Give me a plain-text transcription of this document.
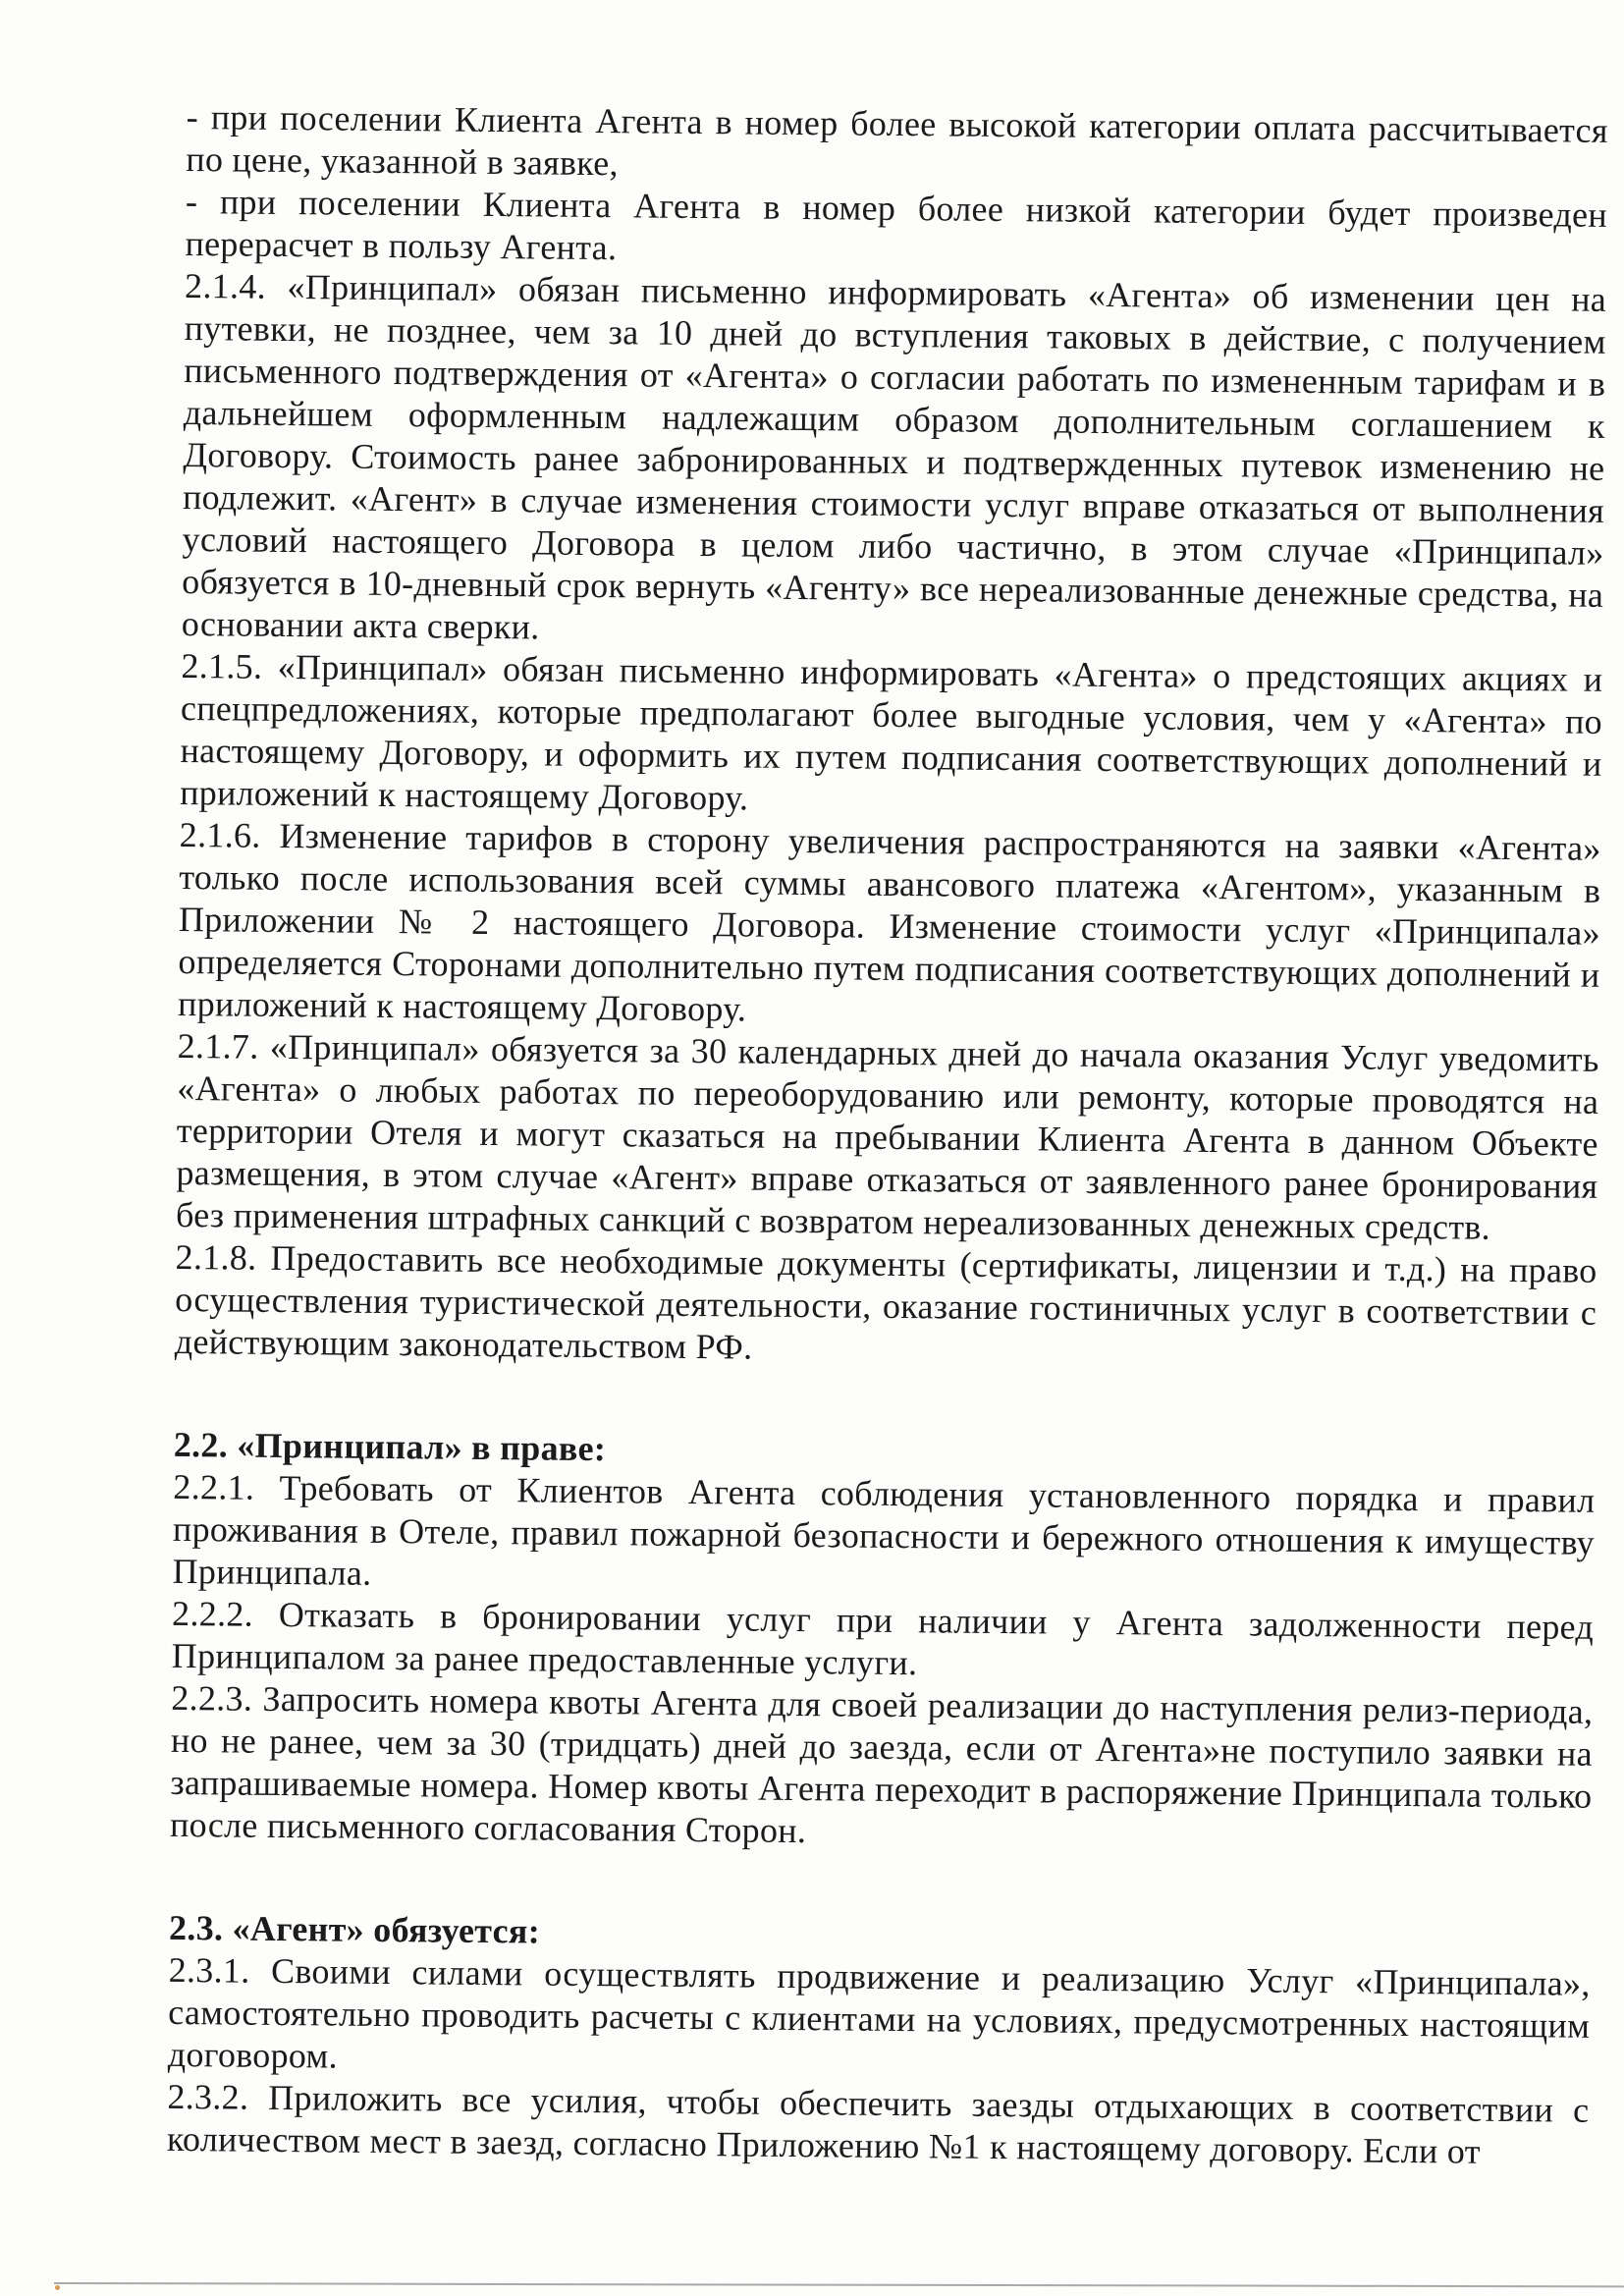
- при поселении Клиента Агента в номер более высокой категории оплата рассчитывается по цене, указанной в заявке,

- при поселении Клиента Агента в номер более низкой категории будет произведен перерасчет в пользу Агента.

2.1.4. «Принципал» обязан письменно информировать «Агента» об изменении цен на путевки, не позднее, чем за 10 дней до вступления таковых в действие, с получением письменного подтверждения от «Агента» о согласии работать по измененным тарифам и в дальнейшем оформленным надлежащим образом дополнительным соглашением к Договору. Стоимость ранее забронированных и подтвержденных путевок изменению не подлежит. «Агент» в случае изменения стоимости услуг вправе отказаться от выполнения условий настоящего Договора в целом либо частично, в этом случае «Принципал» обязуется в 10-дневный срок вернуть «Агенту» все нереализованные денежные средства, на основании акта сверки.

2.1.5. «Принципал» обязан письменно информировать «Агента» о предстоящих акциях и спецпредложениях, которые предполагают более выгодные условия, чем у «Агента» по настоящему Договору, и оформить их путем подписания соответствующих дополнений и приложений к настоящему Договору.

2.1.6. Изменение тарифов в сторону увеличения распространяются на заявки «Агента» только после использования всей суммы авансового платежа «Агентом», указанным в Приложении № 2 настоящего Договора. Изменение стоимости услуг «Принципала» определяется Сторонами дополнительно путем подписания соответствующих дополнений и приложений к настоящему Договору.

2.1.7. «Принципал» обязуется за 30 календарных дней до начала оказания Услуг уведомить «Агента» о любых работах по переоборудованию или ремонту, которые проводятся на территории Отеля и могут сказаться на пребывании Клиента Агента в данном Объекте размещения, в этом случае «Агент» вправе отказаться от заявленного ранее бронирования без применения штрафных санкций с возвратом нереализованных денежных средств.

2.1.8. Предоставить все необходимые документы (сертификаты, лицензии и т.д.) на право осуществления туристической деятельности, оказание гостиничных услуг в соответствии с действующим законодательством РФ.

2.2. «Принципал» в праве:

2.2.1. Требовать от Клиентов Агента соблюдения установленного порядка и правил проживания в Отеле, правил пожарной безопасности и бережного отношения к имуществу Принципала.

2.2.2. Отказать в бронировании услуг при наличии у Агента задолженности перед Принципалом за ранее предоставленные услуги.

2.2.3. Запросить номера квоты Агента для своей реализации до наступления релиз-периода, но не ранее, чем за 30 (тридцать) дней до заезда, если от Агента»не поступило заявки на запрашиваемые номера. Номер квоты Агента переходит в распоряжение Принципала только после письменного согласования Сторон.

2.3. «Агент» обязуется:

2.3.1. Своими силами осуществлять продвижение и реализацию Услуг «Принципала», самостоятельно проводить расчеты с клиентами на условиях, предусмотренных настоящим договором.

2.3.2. Приложить все усилия, чтобы обеспечить заезды отдыхающих в соответствии с количеством мест в заезд, согласно Приложению №1 к настоящему договору. Если от
